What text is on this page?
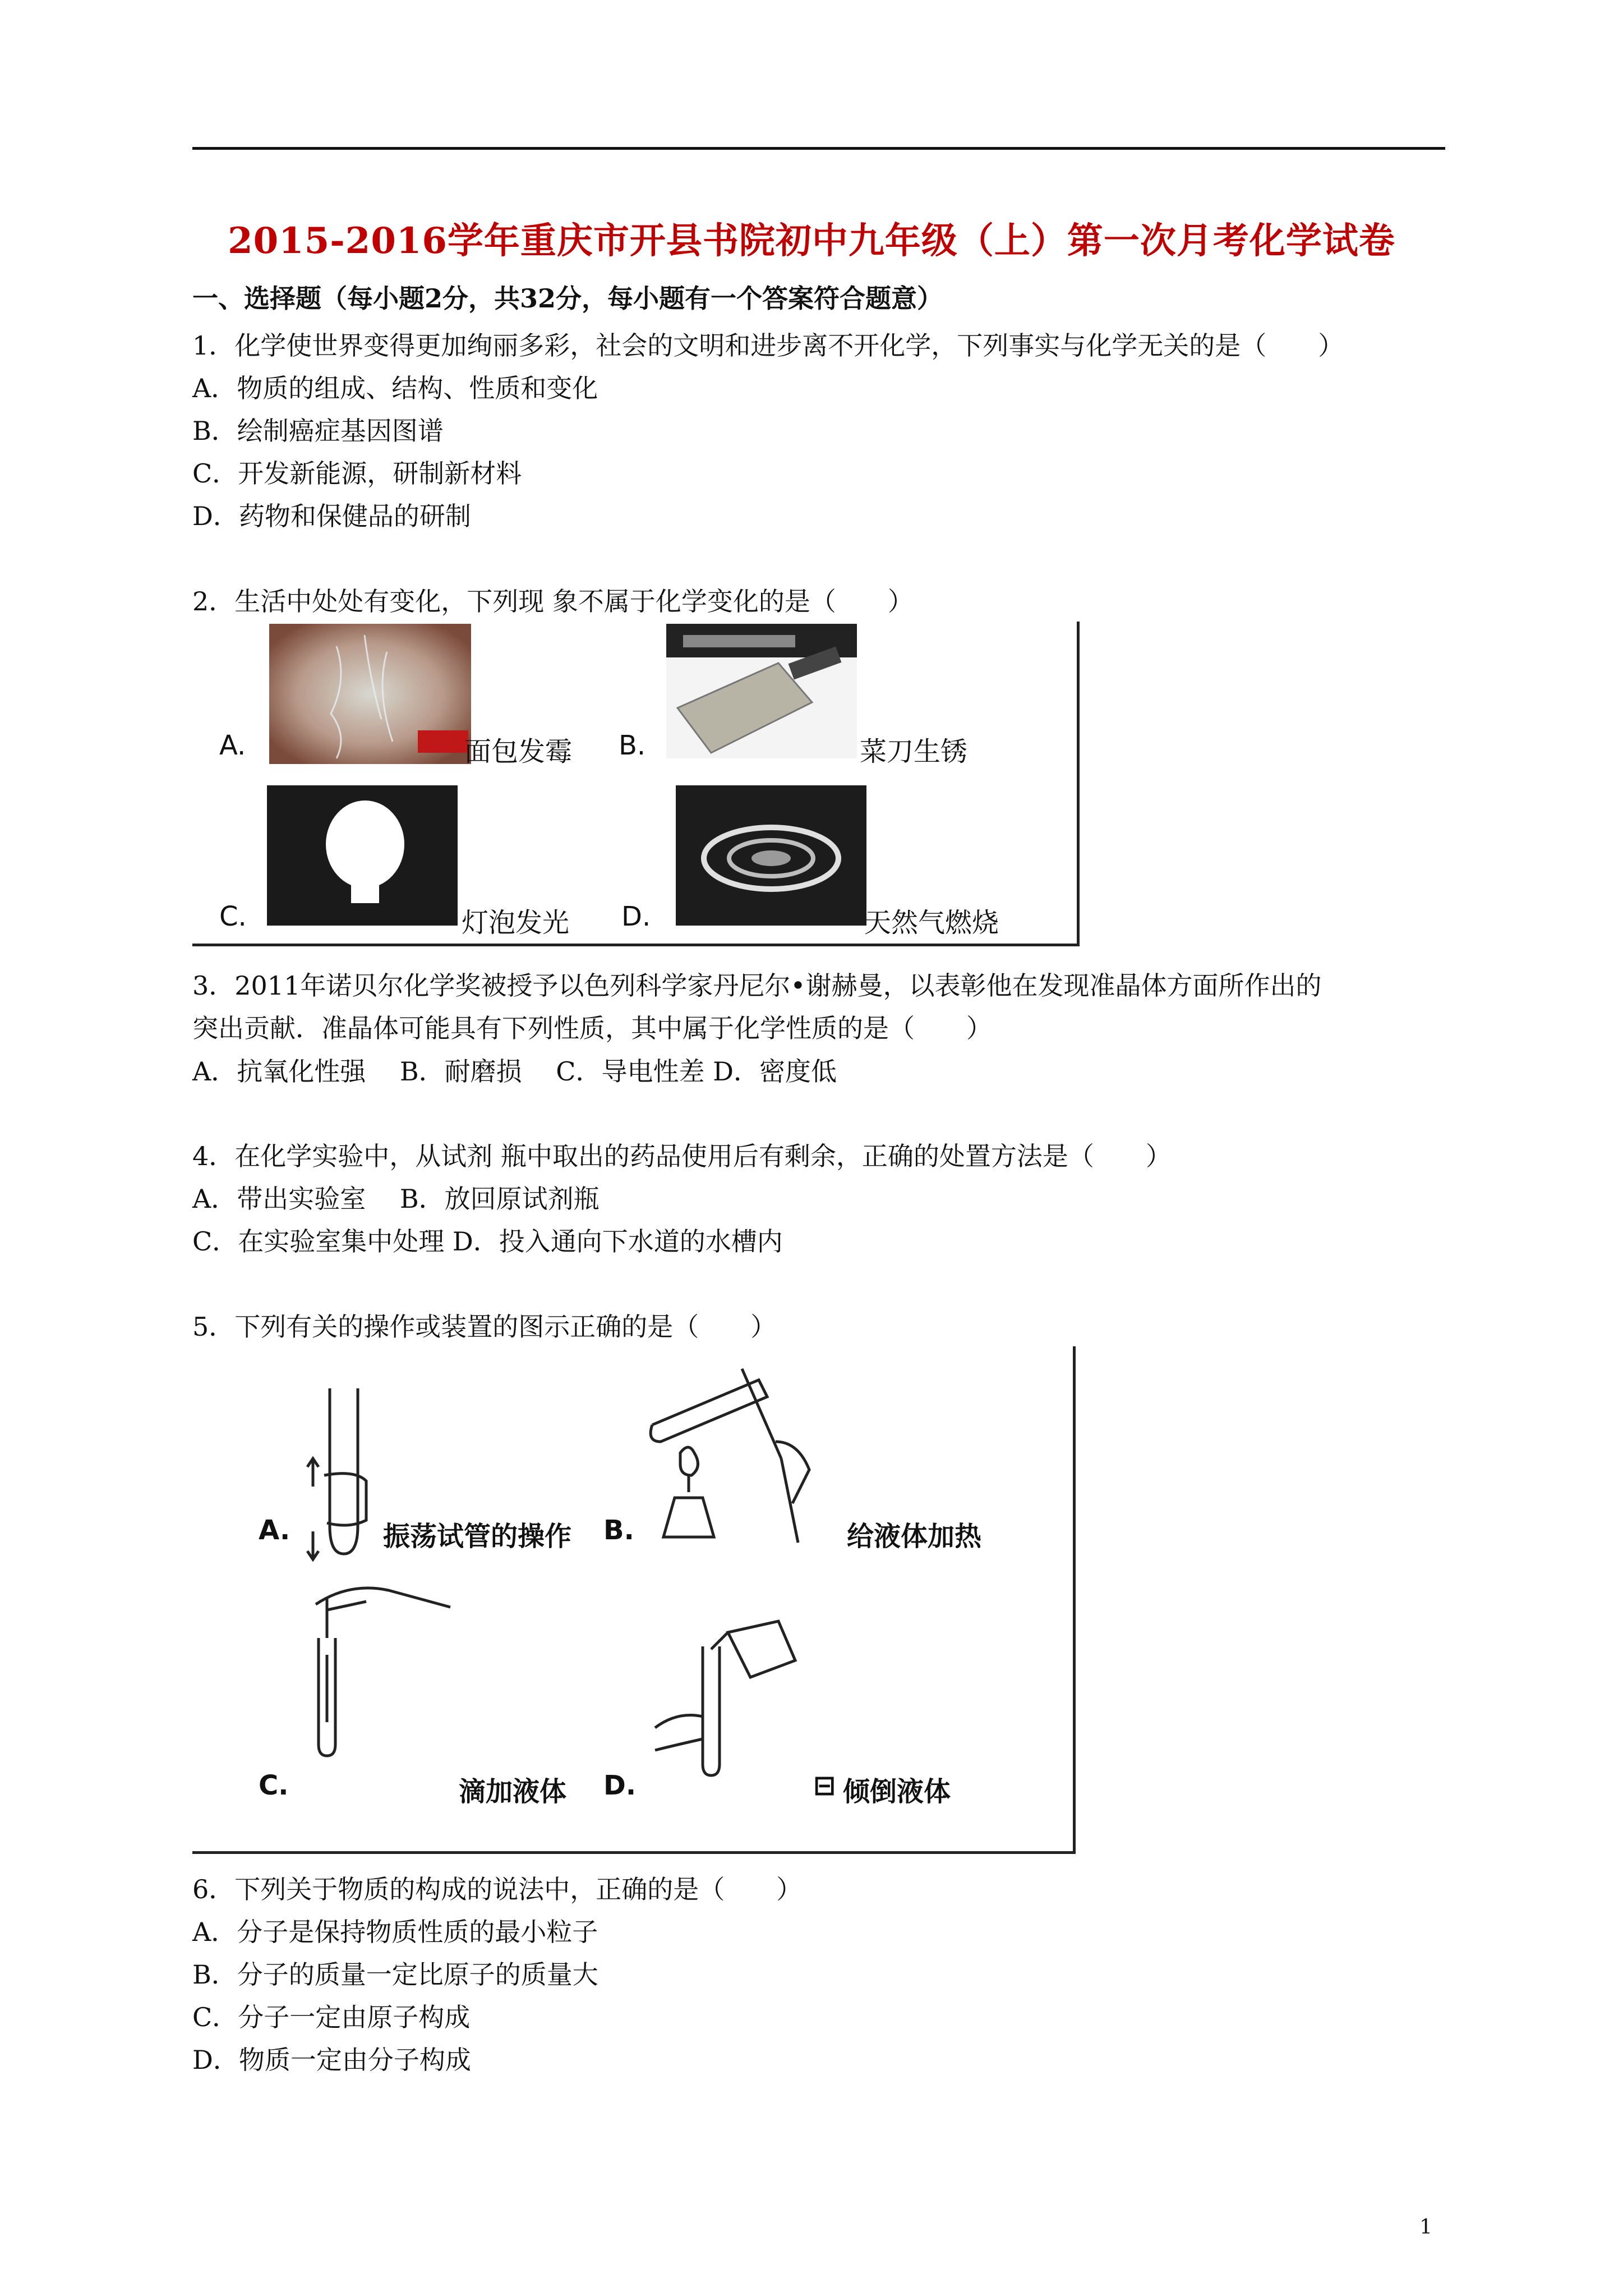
2015-2016学年重庆市开县书院初中九年级（上）第一次月考化学试卷
一、选择题（每小题2分，共32分，每小题有一个答案符合题意）
1．化学使世界变得更加绚丽多彩，社会的文明和进步离不开化学，下列事实与化学无关的是（　　）
A．物质的组成、结构、性质和变化
B．绘制癌症基因图谱
C．开发新能源，研制新材料
D．药物和保健品的研制
2．生活中处处有变化，下列现 象不属于化学变化的是（　　）
A.	面包发霉 B.	菜刀生锈
C.	灯泡发光 D.	天然气燃烧
3．2011年诺贝尔化学奖被授予以色列科学家丹尼尔•谢赫曼，以表彰他在发现准晶体方面所作出的
突出贡献．准晶体可能具有下列性质，其中属于化学性质的是（　　）
A．抗氧化性强　 B．耐磨损　 C．导电性差 D．密度低
4．在化学实验中，从试剂 瓶中取出的药品使用后有剩余，正确的处置方法是（　　）
A．带出实验室　 B．放回原试剂瓶
C．在实验室集中处理 D．投入通向下水道的水槽内
5．下列有关的操作或装置的图示正确的是（　　）
A.	振荡试管的操作 B.	给液体加热
C.	滴加液体 D.	⊟ 倾倒液体
6．下列关于物质的构成的说法中，正确的是（　　）
A．分子是保持物质性质的最小粒子
B．分子的质量一定比原子的质量大
C．分子一定由原子构成
D．物质一定由分子构成
1
